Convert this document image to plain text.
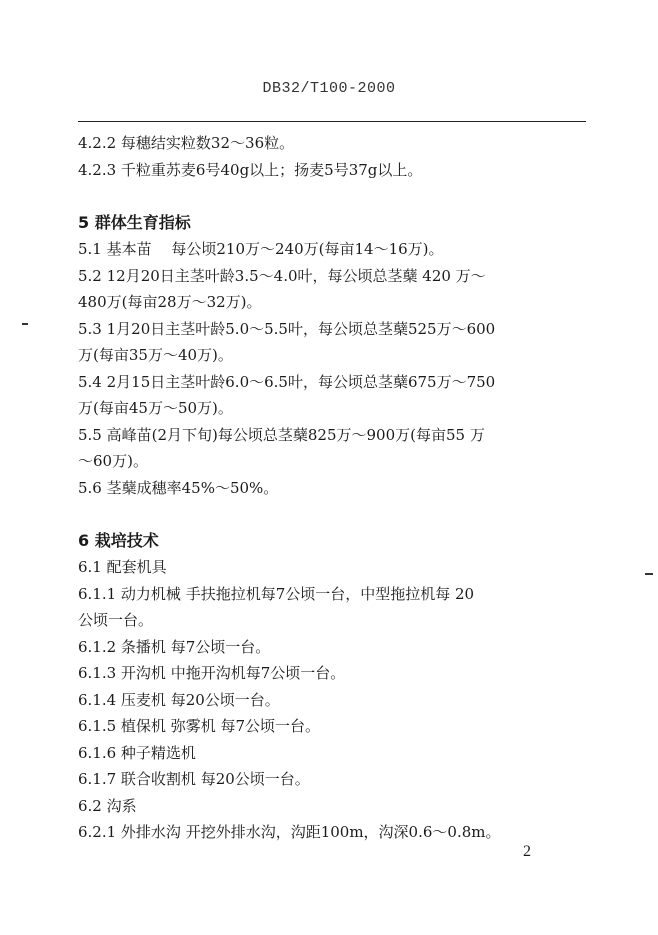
DB32/T100-2000
4.2.2 每穗结实粒数32～36粒。
4.2.3 千粒重苏麦6号40g以上；扬麦5号37g以上。
5 群体生育指标
5.1 基本苗　 每公顷210万～240万(每亩14～16万)。
5.2 12月20日主茎叶龄3.5～4.0叶，每公顷总茎蘖 420 万～
480万(每亩28万～32万)。
5.3 1月20日主茎叶龄5.0～5.5叶，每公顷总茎蘖525万～600
万(每亩35万～40万)。
5.4 2月15日主茎叶龄6.0～6.5叶，每公顷总茎蘖675万～750
万(每亩45万～50万)。
5.5 高峰苗(2月下旬)每公顷总茎蘖825万～900万(每亩55 万
～60万)。
5.6 茎蘖成穗率45%～50%。
6 栽培技术
6.1 配套机具
6.1.1 动力机械 手扶拖拉机每7公顷一台，中型拖拉机每 20
公顷一台。
6.1.2 条播机 每7公顷一台。
6.1.3 开沟机 中拖开沟机每7公顷一台。
6.1.4 压麦机 每20公顷一台。
6.1.5 植保机 弥雾机 每7公顷一台。
6.1.6 种子精选机
6.1.7 联合收割机 每20公顷一台。
6.2 沟系
6.2.1 外排水沟 开挖外排水沟，沟距100m，沟深0.6～0.8m。
2
